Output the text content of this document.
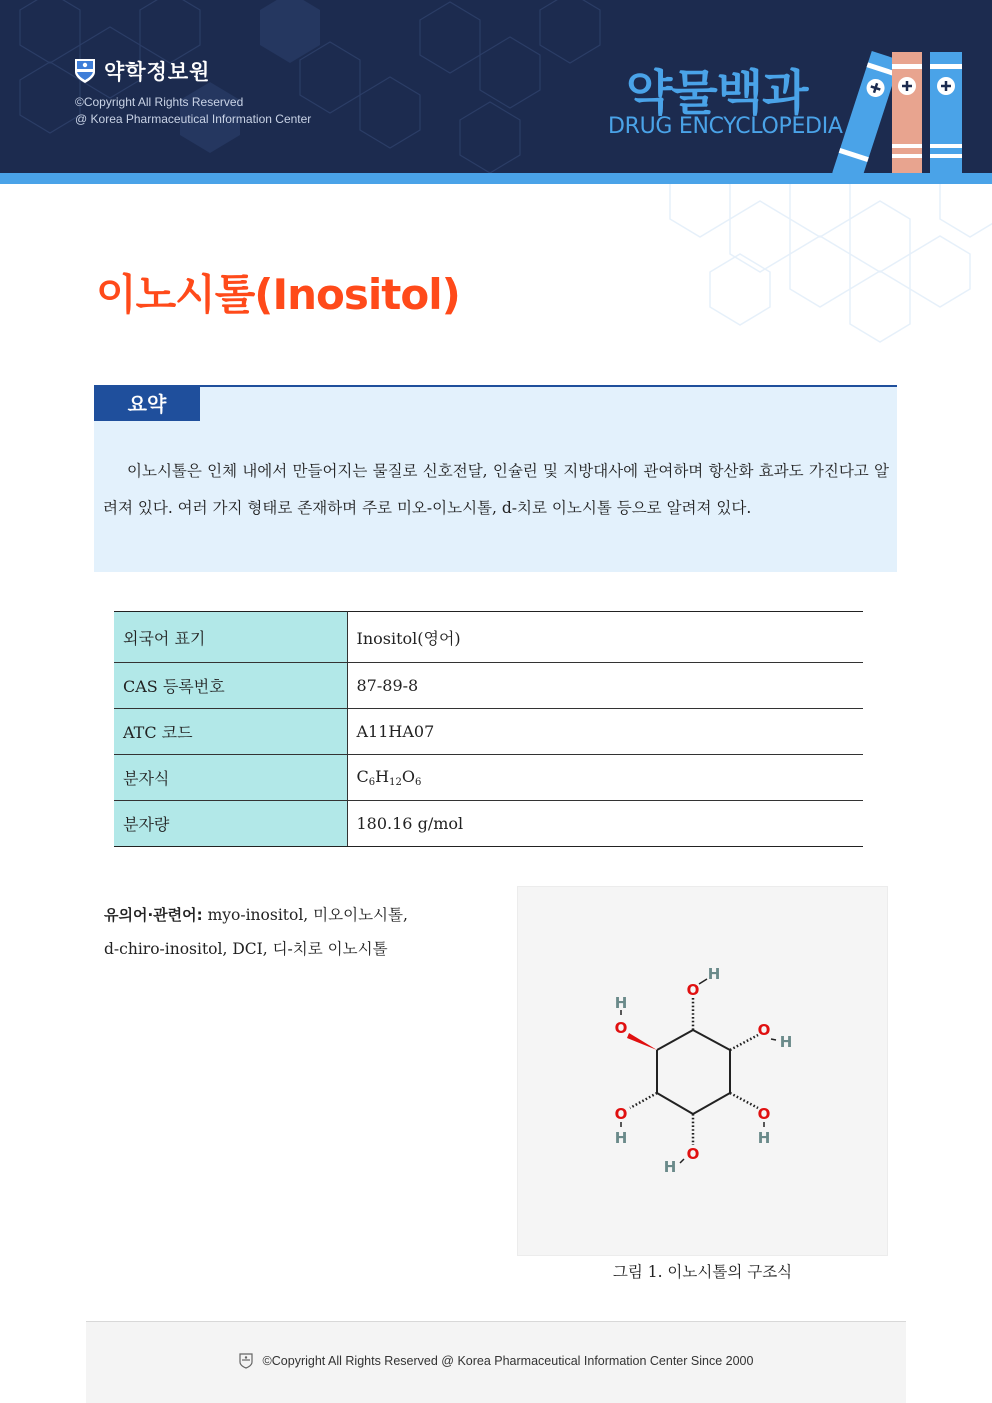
약학정보원
©Copyright All Rights Reserved
@ Korea Pharmaceutical Information Center	약물백과
DRUG ENCYCLOPEDIA
이노시톨(Inositol)
요약

이노시톨은 인체 내에서 만들어지는 물질로 신호전달, 인슐린 및 지방대사에 관여하며 항산화 효과도 가진다고 알려져 있다. 여러 가지 형태로 존재하며 주로 미오-이노시톨, d-치로 이노시톨 등으로 알려져 있다.

외국어 표기	Inositol(영어)
CAS 등록번호	87-89-8
ATC 코드	A11HA07
분자식	$C_6H_{12}O_6$
분자량	180.16 g/mol
유의어·관련어: myo-inositol, 미오이노시톨,
d-chiro-inositol, DCI, 디-치로 이노시톨
O
H
O
H
O
H
O
H
O
H
O
H
그림 1. 이노시톨의 구조식
©Copyright All Rights Reserved @ Korea Pharmaceutical Information Center Since 2000
